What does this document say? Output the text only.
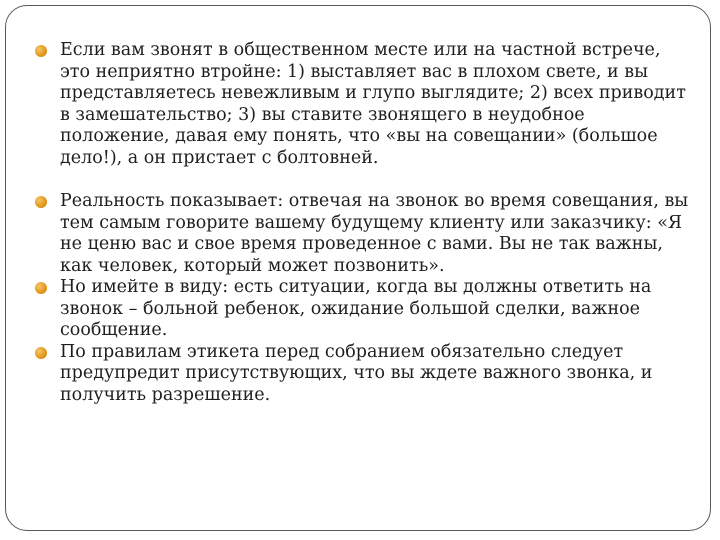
Если вам звонят в общественном месте или на частной встрече, это неприятно втройне: 1) выставляет вас в плохом свете, и вы представляетесь невежливым и глупо выглядите; 2) всех приводит в замешательство; 3) вы ставите звонящего в неудобное положение, давая ему понять, что «вы на совещании» (большое дело!), а он пристает с болтовней.
Реальность показывает: отвечая на звонок во время совещания, вы тем самым говорите вашему будущему клиенту или заказчику: «Я не ценю вас и свое время проведенное с вами. Вы не так важны, как человек, который может позвонить».
Но имейте в виду: есть ситуации, когда вы должны ответить на звонок – больной ребенок, ожидание большой сделки, важное сообщение.
По правилам этикета перед собранием обязательно следует предупредит присутствующих, что вы ждете важного звонка, и получить разрешение.
